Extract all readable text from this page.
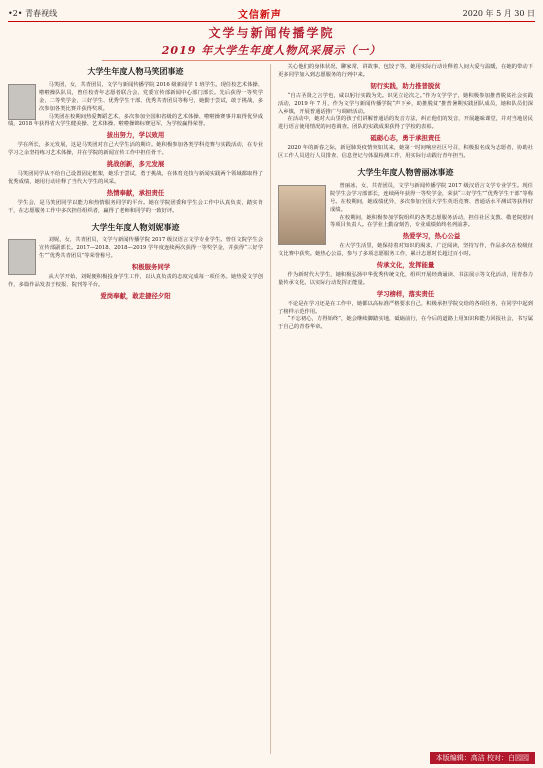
•2• 青春视线	文信新声	2020 年 5 月 30 日
文学与新闻传播学院
2019 年大学生年度人物风采展示（一）
大学生年度人物马笑团事迹

马笑团，女，共青团员，文学与新闻传播学院 2016 级新闻学 1 班学生。现任校艺术体操、啦啦操队队员，曾任校青年志愿者联合会、党委宣传部新闻中心部门部长。先后获得一等奖学金、二等奖学金、三好学生、优秀学生干部、优秀共青团员等称号，她勤于尝试，敢于挑战，多次参加各类比赛并获得奖项。

马笑团在校期间热爱舞蹈艺术，多次参加全国和省级的艺术体操、啦啦操赛事并取得优异成绩，2018 年获得省大学生健美操、艺术体操、啦啦操锦标赛冠军，为学校赢得荣誉。

拔出努力，学以致用

学在所长，多元发展，这是马笑团对自己大学生活的期许。她积极参加各类学科竞赛与实践活动，在专业学习之余坚持练习艺术体操，并在学院的新闻宣传工作中担任骨干。

挑战创新，多元发展

马笑团同学从不给自己设置固定框架，她乐于尝试，勇于挑战，在体育竞技与新闻实践两个领域都取得了优秀成绩，她用行动诠释了当代大学生的风采。

热情奉献，承担责任

学生会，是马笑团同学以能力和热情服务同学的平台。她在学院团委和学生会工作中认真负责，踏实肯干，在志愿服务工作中多次担任组织者，赢得了老师和同学的一致好评。

大学生年度人物刘妮事迹

刘妮，女，共青团员，文学与新闻传播学院 2017 级汉语言文学专业学生。曾任文院学生会宣传部副部长。2017—2018、2018—2019 学年度连续两次获得一等奖学金，并获得“三好学生”“优秀共青团员”等荣誉称号。

积极服务同学

从大学开始，刘妮便积极投身学生工作，以认真负责的态度完成每一项任务。她热爱文学创作，多篇作品发表于校报、院刊等平台。

爱岗奉献，敢走捷径夕阳

关心他们的身体状况，聊家常，讲故事，包饺子等，她用实际行动诠释着人间大爱与温暖，在她的带动下更多同学加入到志愿服务的行列中来。

韧行实践，助力推普脱贫

“自古圣贤之言学也，咸以躬行实践为先。识见立论次之。”作为文学学子，她积极参加推普脱贫社会实践活动，2019 年 7 月，作为文学与新闻传播学院“声下乡，助推脱贫”推普暑期实践团队成员，她和队员们深入乡镇，开展普通话推广与调研活动。

在活动中，她对大山里的孩子们讲解普通话的发音方法，纠正他们的发音，开展趣味课堂，并对当地居民进行语言使用情况的问卷调查。团队的实践成果获得了学校的表彰。

砥砺心志，勇于承担责任

2020 年的新春之际，新冠肺炎疫情突如其来，她第一时间响应社区号召，积极报名成为志愿者，协助社区工作人员进行人员排查、信息登记与体温检测工作，用实际行动践行青年担当。

大学生年度人物曾丽冰事迹

曾丽冰，女，共青团员，文学与新闻传播学院 2017 级汉语言文学专业学生。现任院学生会学习部部长，连续两年获得一等奖学金，荣获“三好学生”“优秀学生干部”等称号。在校期间，她成绩优异，多次参加全国大学生英语竞赛、普通话水平测试等获得好成绩。

在校期间，她积极参加学院组织的各类志愿服务活动，担任社区支教、敬老院慰问等项目负责人。在学业上勤奋刻苦，专业成绩始终名列前茅。

热爱学习，热心公益

在大学生活里，她保持着对知识的渴求，广泛阅读，坚持写作，作品多次在校级征文比赛中获奖。她热心公益，参与了多项志愿服务工作，累计志愿时长超过百小时。

传承文化，发挥能量

作为新时代大学生，她积极弘扬中华优秀传统文化，组织开展经典诵读、书法展示等文化活动，用青春力量传承文化，以实际行动发挥正能量。

学习榜样，落实责任

不论是在学习还是在工作中，她都以高标准严格要求自己，积极承担学院交给的各项任务，在同学中起到了榜样示范作用。

“不忘初心，方得始终”，她会继续脚踏实地，砥砺前行，在今后的道路上用知识和能力回报社会，书写属于自己的青春华章。

本版编辑：高洁 校对：白园园
